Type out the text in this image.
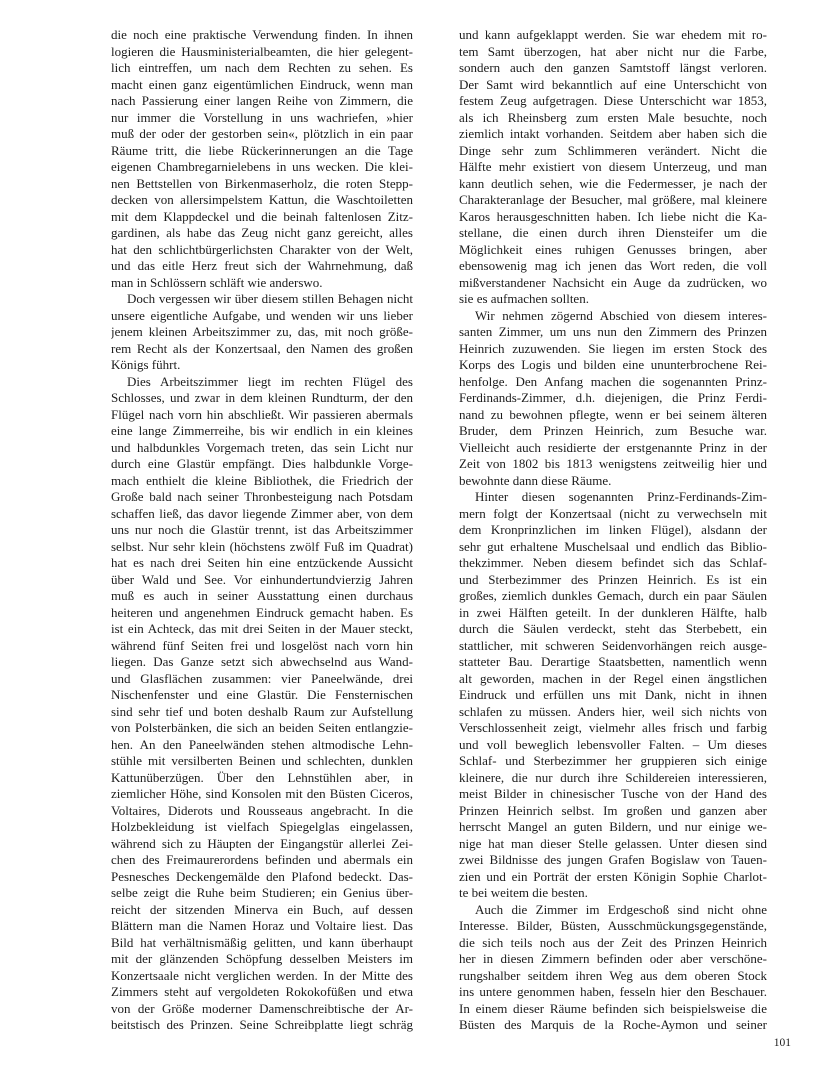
die noch eine praktische Verwendung finden. In ihnen
logieren die Hausministerialbeamten, die hier gelegent-
lich eintreffen, um nach dem Rechten zu sehen. Es
macht einen ganz eigentümlichen Eindruck, wenn man
nach Passierung einer langen Reihe von Zimmern, die
nur immer die Vorstellung in uns wachriefen, »hier
muß der oder der gestorben sein«, plötzlich in ein paar
Räume tritt, die liebe Rückerinnerungen an die Tage
eigenen Chambregarnielebens in uns wecken. Die klei-
nen Bettstellen von Birkenmaserholz, die roten Stepp-
decken von allersimpelstem Kattun, die Waschtoiletten
mit dem Klappdeckel und die beinah faltenlosen Zitz-
gardinen, als habe das Zeug nicht ganz gereicht, alles
hat den schlichtbürgerlichsten Charakter von der Welt,
und das eitle Herz freut sich der Wahrnehmung, daß
man in Schlössern schläft wie anderswo.
Doch vergessen wir über diesem stillen Behagen nicht
unsere eigentliche Aufgabe, und wenden wir uns lieber
jenem kleinen Arbeitszimmer zu, das, mit noch größe-
rem Recht als der Konzertsaal, den Namen des großen
Königs führt.
Dies Arbeitszimmer liegt im rechten Flügel des
Schlosses, und zwar in dem kleinen Rundturm, der den
Flügel nach vorn hin abschließt. Wir passieren abermals
eine lange Zimmerreihe, bis wir endlich in ein kleines
und halbdunkles Vorgemach treten, das sein Licht nur
durch eine Glastür empfängt. Dies halbdunkle Vorge-
mach enthielt die kleine Bibliothek, die Friedrich der
Große bald nach seiner Thronbesteigung nach Potsdam
schaffen ließ, das davor liegende Zimmer aber, von dem
uns nur noch die Glastür trennt, ist das Arbeitszimmer
selbst. Nur sehr klein (höchstens zwölf Fuß im Quadrat)
hat es nach drei Seiten hin eine entzückende Aussicht
über Wald und See. Vor einhundertundvierzig Jahren
muß es auch in seiner Ausstattung einen durchaus
heiteren und angenehmen Eindruck gemacht haben. Es
ist ein Achteck, das mit drei Seiten in der Mauer steckt,
während fünf Seiten frei und losgelöst nach vorn hin
liegen. Das Ganze setzt sich abwechselnd aus Wand-
und Glasflächen zusammen: vier Paneelwände, drei
Nischenfenster und eine Glastür. Die Fensternischen
sind sehr tief und boten deshalb Raum zur Aufstellung
von Polsterbänken, die sich an beiden Seiten entlangzie-
hen. An den Paneelwänden stehen altmodische Lehn-
stühle mit versilberten Beinen und schlechten, dunklen
Kattunüberzügen. Über den Lehnstühlen aber, in
ziemlicher Höhe, sind Konsolen mit den Büsten Ciceros,
Voltaires, Diderots und Rousseaus angebracht. In die
Holzbekleidung ist vielfach Spiegelglas eingelassen,
während sich zu Häupten der Eingangstür allerlei Zei-
chen des Freimaurerordens befinden und abermals ein
Pesnesches Deckengemälde den Plafond bedeckt. Das-
selbe zeigt die Ruhe beim Studieren; ein Genius über-
reicht der sitzenden Minerva ein Buch, auf dessen
Blättern man die Namen Horaz und Voltaire liest. Das
Bild hat verhältnismäßig gelitten, und kann überhaupt
mit der glänzenden Schöpfung desselben Meisters im
Konzertsaale nicht verglichen werden. In der Mitte des
Zimmers steht auf vergoldeten Rokokofüßen und etwa
von der Größe moderner Damenschreibtische der Ar-
beitstisch des Prinzen. Seine Schreibplatte liegt schräg
und kann aufgeklappt werden. Sie war ehedem mit ro-
tem Samt überzogen, hat aber nicht nur die Farbe,
sondern auch den ganzen Samtstoff längst verloren.
Der Samt wird bekanntlich auf eine Unterschicht von
festem Zeug aufgetragen. Diese Unterschicht war 1853,
als ich Rheinsberg zum ersten Male besuchte, noch
ziemlich intakt vorhanden. Seitdem aber haben sich die
Dinge sehr zum Schlimmeren verändert. Nicht die
Hälfte mehr existiert von diesem Unterzeug, und man
kann deutlich sehen, wie die Federmesser, je nach der
Charakteranlage der Besucher, mal größere, mal kleinere
Karos herausgeschnitten haben. Ich liebe nicht die Ka-
stellane, die einen durch ihren Diensteifer um die
Möglichkeit eines ruhigen Genusses bringen, aber
ebensowenig mag ich jenen das Wort reden, die voll
mißverstandener Nachsicht ein Auge da zudrücken, wo
sie es aufmachen sollten.
Wir nehmen zögernd Abschied von diesem interes-
santen Zimmer, um uns nun den Zimmern des Prinzen
Heinrich zuzuwenden. Sie liegen im ersten Stock des
Korps des Logis und bilden eine ununterbrochene Rei-
henfolge. Den Anfang machen die sogenannten Prinz-
Ferdinands-Zimmer, d.h. diejenigen, die Prinz Ferdi-
nand zu bewohnen pflegte, wenn er bei seinem älteren
Bruder, dem Prinzen Heinrich, zum Besuche war.
Vielleicht auch residierte der erstgenannte Prinz in der
Zeit von 1802 bis 1813 wenigstens zeitweilig hier und
bewohnte dann diese Räume.
Hinter diesen sogenannten Prinz-Ferdinands-Zim-
mern folgt der Konzertsaal (nicht zu verwechseln mit
dem Kronprinzlichen im linken Flügel), alsdann der
sehr gut erhaltene Muschelsaal und endlich das Biblio-
thekzimmer. Neben diesem befindet sich das Schlaf-
und Sterbezimmer des Prinzen Heinrich. Es ist ein
großes, ziemlich dunkles Gemach, durch ein paar Säulen
in zwei Hälften geteilt. In der dunkleren Hälfte, halb
durch die Säulen verdeckt, steht das Sterbebett, ein
stattlicher, mit schweren Seidenvorhängen reich ausge-
statteter Bau. Derartige Staatsbetten, namentlich wenn
alt geworden, machen in der Regel einen ängstlichen
Eindruck und erfüllen uns mit Dank, nicht in ihnen
schlafen zu müssen. Anders hier, weil sich nichts von
Verschlossenheit zeigt, vielmehr alles frisch und farbig
und voll beweglich lebensvoller Falten. – Um dieses
Schlaf- und Sterbezimmer her gruppieren sich einige
kleinere, die nur durch ihre Schildereien interessieren,
meist Bilder in chinesischer Tusche von der Hand des
Prinzen Heinrich selbst. Im großen und ganzen aber
herrscht Mangel an guten Bildern, und nur einige we-
nige hat man dieser Stelle gelassen. Unter diesen sind
zwei Bildnisse des jungen Grafen Bogislaw von Tauen-
zien und ein Porträt der ersten Königin Sophie Charlot-
te bei weitem die besten.
Auch die Zimmer im Erdgeschoß sind nicht ohne
Interesse. Bilder, Büsten, Ausschmückungsgegenstände,
die sich teils noch aus der Zeit des Prinzen Heinrich
her in diesen Zimmern befinden oder aber verschöne-
rungshalber seitdem ihren Weg aus dem oberen Stock
ins untere genommen haben, fesseln hier den Beschauer.
In einem dieser Räume befinden sich beispielsweise die
Büsten des Marquis de la Roche-Aymon und seiner
101
